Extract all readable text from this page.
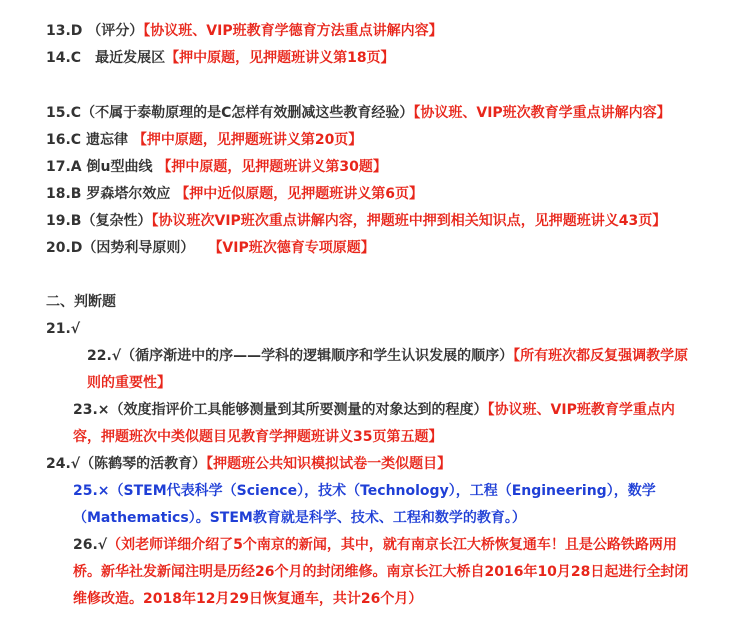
13.D （评分）【协议班、VIP班教育学德育方法重点讲解内容】
14.C　最近发展区【押中原题，见押题班讲义第18页】
15.C（不属于泰勒原理的是C怎样有效删减这些教育经验）【协议班、VIP班次教育学重点讲解内容】
16.C 遗忘律 【押中原题，见押题班讲义第20页】
17.A 倒u型曲线 【押中原题，见押题班讲义第30题】
18.B 罗森塔尔效应 【押中近似原题，见押题班讲义第6页】
19.B（复杂性）【协议班次VIP班次重点讲解内容，押题班中押到相关知识点，见押题班讲义43页】
20.D（因势利导原则） 【VIP班次德育专项原题】
二、判断题
21.√
22.√（循序渐进中的序——学科的逻辑顺序和学生认识发展的顺序）【所有班次都反复强调教学原
则的重要性】
23.×（效度指评价工具能够测量到其所要测量的对象达到的程度）【协议班、VIP班教育学重点内
容，押题班次中类似题目见教育学押题班讲义35页第五题】
24.√（陈鹤琴的活教育）【押题班公共知识模拟试卷一类似题目】
25.×（STEM代表科学（Science），技术（Technology），工程（Engineering），数学
（Mathematics）。STEM教育就是科学、技术、工程和数学的教育。）
26.√（刘老师详细介绍了5个南京的新闻，其中，就有南京长江大桥恢复通车！且是公路铁路两用
桥。新华社发新闻注明是历经26个月的封闭维修。南京长江大桥自2016年10月28日起进行全封闭
维修改造。2018年12月29日恢复通车，共计26个月）
